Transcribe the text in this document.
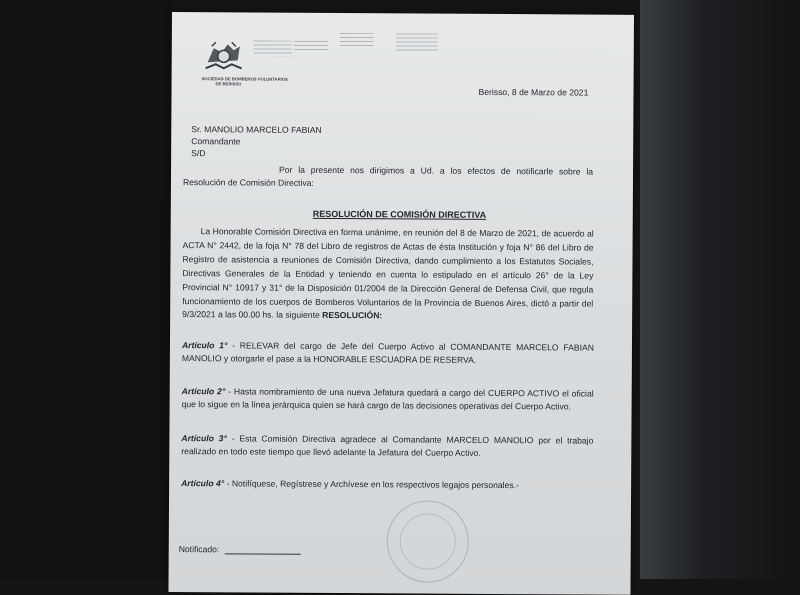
SOCIEDAD DE BOMBEROS VOLUNTARIOS
DE BERISSO
Berisso, 8 de Marzo de 2021
Sr. MANOLIO MARCELO FABIAN
Comandante
S/D
Por la presente nos dirigimos a Ud. a los efectos de notificarle sobre la
Resolución de Comisión Directiva:
RESOLUCIÓN DE COMISIÓN DIRECTIVA
La Honorable Comisión Directiva en forma unánime, en reunión del 8 de Marzo de 2021, de acuerdo al
ACTA N° 2442, de la foja N° 78 del Libro de registros de Actas de ésta Institución y foja N° 86 del Libro de
Registro de asistencia a reuniones de Comisión Directiva, dando cumplimiento a los Estatutos Sociales,
Directivas Generales de la Entidad y teniendo en cuenta lo estipulado en el artículo 26° de la Ley
Provincial N° 10917 y 31° de la Disposición 01/2004 de la Dirección General de Defensa Civil, que regula
funcionamiento de los cuerpos de Bomberos Voluntarios de la Provincia de Buenos Aires, dictó a partir del
9/3/2021 a las 00.00 hs. la siguiente RESOLUCIÓN:
Artículo 1° - RELEVAR del cargo de Jefe del Cuerpo Activo al COMANDANTE MARCELO FABIAN
MANOLIO y otorgarle el pase a la HONORABLE ESCUADRA DE RESERVA.
Artículo 2° - Hasta nombramiento de una nueva Jefatura quedará a cargo del CUERPO ACTIVO el oficial
que lo sigue en la línea jerárquica quien se hará cargo de las decisiones operativas del Cuerpo Activo.
Artículo 3° - Esta Comisión Directiva agradece al Comandante MARCELO MANOLIO por el trabajo
realizado en todo este tiempo que llevó adelante la Jefatura del Cuerpo Activo.
Artículo 4° - Notifíquese, Regístrese y Archívese en los respectivos legajos personales.-
Notificado:
